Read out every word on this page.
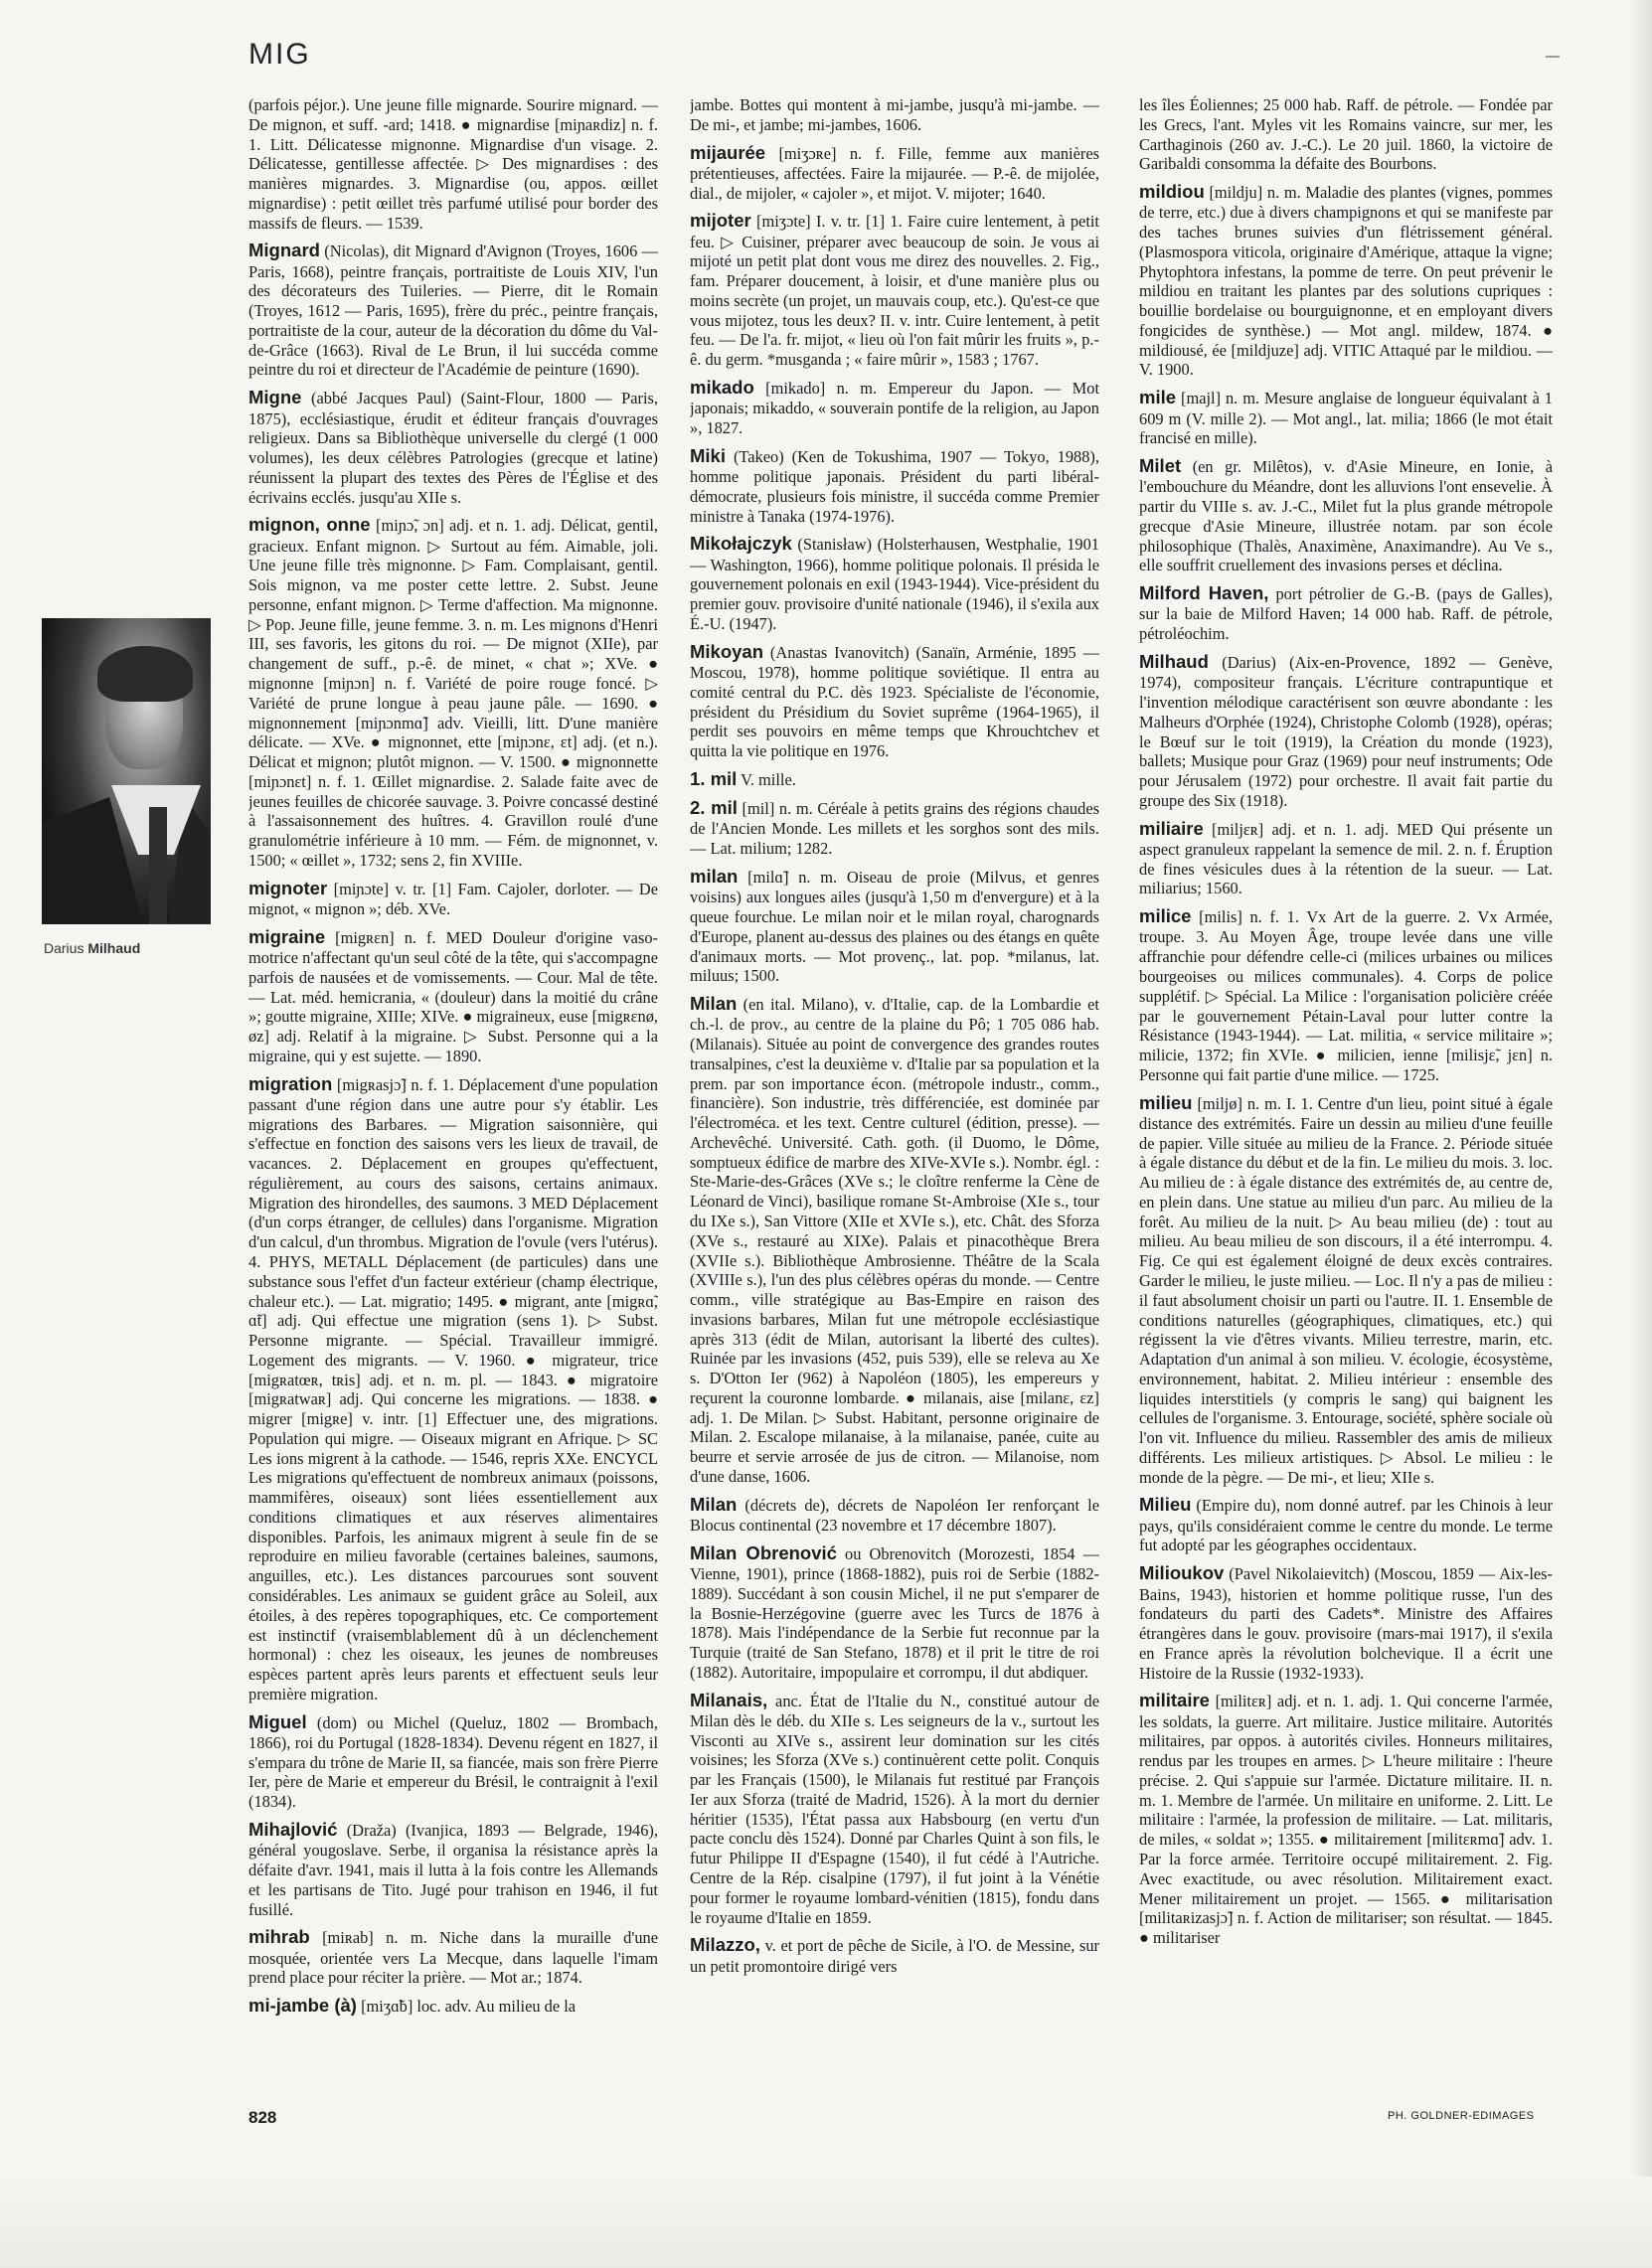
MIG

(parfois péjor.). Une jeune fille mignarde. Sourire mignard. — De mignon, et suff. -ard; 1418. ● mignardise [miɲaʀdiz] n. f. 1. Litt. Délicatesse mignonne. Mignardise d'un visage. 2. Délicatesse, gentillesse affectée. ▷ Des mignardises : des manières mignardes. 3. Mignardise (ou, appos. œillet mignardise) : petit œillet très parfumé utilisé pour border des massifs de fleurs. — 1539.

Mignard (Nicolas), dit Mignard d'Avignon (Troyes, 1606 — Paris, 1668), peintre français, portraitiste de Louis XIV, l'un des décorateurs des Tuileries. — Pierre, dit le Romain (Troyes, 1612 — Paris, 1695), frère du préc., peintre français, portraitiste de la cour, auteur de la décoration du dôme du Val-de-Grâce (1663). Rival de Le Brun, il lui succéda comme peintre du roi et directeur de l'Académie de peinture (1690).

Migne (abbé Jacques Paul) (Saint-Flour, 1800 — Paris, 1875), ecclésiastique, érudit et éditeur français d'ouvrages religieux. Dans sa Bibliothèque universelle du clergé (1 000 volumes), les deux célèbres Patrologies (grecque et latine) réunissent la plupart des textes des Pères de l'Église et des écrivains ecclés. jusqu'au XIIe s.

mignon, onne [miɲɔ̃, ɔn] adj. et n. 1. adj. Délicat, gentil, gracieux. Enfant mignon. ▷ Surtout au fém. Aimable, joli. Une jeune fille très mignonne. ▷ Fam. Complaisant, gentil. Sois mignon, va me poster cette lettre. 2. Subst. Jeune personne, enfant mignon. ▷ Terme d'affection. Ma mignonne. ▷ Pop. Jeune fille, jeune femme. 3. n. m. Les mignons d'Henri III, ses favoris, les gitons du roi. — De mignot (XIIe), par changement de suff., p.-ê. de minet, « chat »; XVe. ● mignonne [miɲɔn] n. f. Variété de poire rouge foncé. ▷ Variété de prune longue à peau jaune pâle. — 1690. ● mignonnement [miɲɔnmɑ̃] adv. Vieilli, litt. D'une manière délicate. — XVe. ● mignonnet, ette [miɲɔnɛ, ɛt] adj. (et n.). Délicat et mignon; plutôt mignon. — V. 1500. ● mignonnette [miɲɔnɛt] n. f. 1. Œillet mignardise. 2. Salade faite avec de jeunes feuilles de chicorée sauvage. 3. Poivre concassé destiné à l'assaisonnement des huîtres. 4. Gravillon roulé d'une granulométrie inférieure à 10 mm. — Fém. de mignonnet, v. 1500; « œillet », 1732; sens 2, fin XVIIIe.

mignoter [miɲɔte] v. tr. [1] Fam. Cajoler, dorloter. — De mignot, « mignon »; déb. XVe.

migraine [migʀɛn] n. f. MED Douleur d'origine vaso-motrice n'affectant qu'un seul côté de la tête, qui s'accompagne parfois de nausées et de vomissements. — Cour. Mal de tête. — Lat. méd. hemicrania, « (douleur) dans la moitié du crâne »; goutte migraine, XIIIe; XIVe. ● migraineux, euse [migʀɛnø, øz] adj. Relatif à la migraine. ▷ Subst. Personne qui a la migraine, qui y est sujette. — 1890.

migration [migʀasjɔ̃] n. f. 1. Déplacement d'une population passant d'une région dans une autre pour s'y établir. Les migrations des Barbares. — Migration saisonnière, qui s'effectue en fonction des saisons vers les lieux de travail, de vacances. 2. Déplacement en groupes qu'effectuent, régulièrement, au cours des saisons, certains animaux. Migration des hirondelles, des saumons. 3 MED Déplacement (d'un corps étranger, de cellules) dans l'organisme. Migration d'un calcul, d'un thrombus. Migration de l'ovule (vers l'utérus). 4. PHYS, METALL Déplacement (de particules) dans une substance sous l'effet d'un facteur extérieur (champ électrique, chaleur etc.). — Lat. migratio; 1495. ● migrant, ante [migʀɑ̃, ɑ̃t] adj. Qui effectue une migration (sens 1). ▷ Subst. Personne migrante. — Spécial. Travailleur immigré. Logement des migrants. — V. 1960. ● migrateur, trice [migʀatœʀ, tʀis] adj. et n. m. pl. — 1843. ● migratoire [migʀatwaʀ] adj. Qui concerne les migrations. — 1838. ● migrer [migʀe] v. intr. [1] Effectuer une, des migrations. Population qui migre. — Oiseaux migrant en Afrique. ▷ SC Les ions migrent à la cathode. — 1546, repris XXe. ENCYCL Les migrations qu'effectuent de nombreux animaux (poissons, mammifères, oiseaux) sont liées essentiellement aux conditions climatiques et aux réserves alimentaires disponibles. Parfois, les animaux migrent à seule fin de se reproduire en milieu favorable (certaines baleines, saumons, anguilles, etc.). Les distances parcourues sont souvent considérables. Les animaux se guident grâce au Soleil, aux étoiles, à des repères topographiques, etc. Ce comportement est instinctif (vraisemblablement dû à un déclenchement hormonal) : chez les oiseaux, les jeunes de nombreuses espèces partent après leurs parents et effectuent seuls leur première migration.

Miguel (dom) ou Michel (Queluz, 1802 — Brombach, 1866), roi du Portugal (1828-1834). Devenu régent en 1827, il s'empara du trône de Marie II, sa fiancée, mais son frère Pierre Ier, père de Marie et empereur du Brésil, le contraignit à l'exil (1834).

Mihajlović (Draža) (Ivanjica, 1893 — Belgrade, 1946), général yougoslave. Serbe, il organisa la résistance après la défaite d'avr. 1941, mais il lutta à la fois contre les Allemands et les partisans de Tito. Jugé pour trahison en 1946, il fut fusillé.

mihrab [miʀab] n. m. Niche dans la muraille d'une mosquée, orientée vers La Mecque, dans laquelle l'imam prend place pour réciter la prière. — Mot ar.; 1874.

mi-jambe (à) [miʒɑ̃b] loc. adv. Au milieu de la

jambe. Bottes qui montent à mi-jambe, jusqu'à mi-jambe. — De mi-, et jambe; mi-jambes, 1606.

mijaurée [miʒɔʀe] n. f. Fille, femme aux manières prétentieuses, affectées. Faire la mijaurée. — P.-ê. de mijolée, dial., de mijoler, « cajoler », et mijot. V. mijoter; 1640.

mijoter [miʒɔte] I. v. tr. [1] 1. Faire cuire lentement, à petit feu. ▷ Cuisiner, préparer avec beaucoup de soin. Je vous ai mijoté un petit plat dont vous me direz des nouvelles. 2. Fig., fam. Préparer doucement, à loisir, et d'une manière plus ou moins secrète (un projet, un mauvais coup, etc.). Qu'est-ce que vous mijotez, tous les deux? II. v. intr. Cuire lentement, à petit feu. — De l'a. fr. mijot, « lieu où l'on fait mûrir les fruits », p.-ê. du germ. *musganda ; « faire mûrir », 1583 ; 1767.

mikado [mikado] n. m. Empereur du Japon. — Mot japonais; mikaddo, « souverain pontife de la religion, au Japon », 1827.

Miki (Takeo) (Ken de Tokushima, 1907 — Tokyo, 1988), homme politique japonais. Président du parti libéral-démocrate, plusieurs fois ministre, il succéda comme Premier ministre à Tanaka (1974-1976).

Mikołajczyk (Stanisław) (Holsterhausen, Westphalie, 1901 — Washington, 1966), homme politique polonais. Il présida le gouvernement polonais en exil (1943-1944). Vice-président du premier gouv. provisoire d'unité nationale (1946), il s'exila aux É.-U. (1947).

Mikoyan (Anastas Ivanovitch) (Sanaïn, Arménie, 1895 — Moscou, 1978), homme politique soviétique. Il entra au comité central du P.C. dès 1923. Spécialiste de l'économie, président du Présidium du Soviet suprême (1964-1965), il perdit ses pouvoirs en même temps que Khrouchtchev et quitta la vie politique en 1976.

1. mil V. mille.

2. mil [mil] n. m. Céréale à petits grains des régions chaudes de l'Ancien Monde. Les millets et les sorghos sont des mils. — Lat. milium; 1282.

milan [milɑ̃] n. m. Oiseau de proie (Milvus, et genres voisins) aux longues ailes (jusqu'à 1,50 m d'envergure) et à la queue fourchue. Le milan noir et le milan royal, charognards d'Europe, planent au-dessus des plaines ou des étangs en quête d'animaux morts. — Mot provenç., lat. pop. *milanus, lat. miluus; 1500.

Milan (en ital. Milano), v. d'Italie, cap. de la Lombardie et ch.-l. de prov., au centre de la plaine du Pô; 1 705 086 hab. (Milanais). Située au point de convergence des grandes routes transalpines, c'est la deuxième v. d'Italie par sa population et la prem. par son importance écon. (métropole industr., comm., financière). Son industrie, très différenciée, est dominée par l'électroméca. et les text. Centre culturel (édition, presse). — Archevêché. Université. Cath. goth. (il Duomo, le Dôme, somptueux édifice de marbre des XIVe-XVIe s.). Nombr. égl. : Ste-Marie-des-Grâces (XVe s.; le cloître renferme la Cène de Léonard de Vinci), basilique romane St-Ambroise (XIe s., tour du IXe s.), San Vittore (XIIe et XVIe s.), etc. Chât. des Sforza (XVe s., restauré au XIXe). Palais et pinacothèque Brera (XVIIe s.). Bibliothèque Ambrosienne. Théâtre de la Scala (XVIIIe s.), l'un des plus célèbres opéras du monde. — Centre comm., ville stratégique au Bas-Empire en raison des invasions barbares, Milan fut une métropole ecclésiastique après 313 (édit de Milan, autorisant la liberté des cultes). Ruinée par les invasions (452, puis 539), elle se releva au Xe s. D'Otton Ier (962) à Napoléon (1805), les empereurs y reçurent la couronne lombarde. ● milanais, aise [milanɛ, ɛz] adj. 1. De Milan. ▷ Subst. Habitant, personne originaire de Milan. 2. Escalope milanaise, à la milanaise, panée, cuite au beurre et servie arrosée de jus de citron. — Milanoise, nom d'une danse, 1606.

Milan (décrets de), décrets de Napoléon Ier renforçant le Blocus continental (23 novembre et 17 décembre 1807).

Milan Obrenović ou Obrenovitch (Morozesti, 1854 — Vienne, 1901), prince (1868-1882), puis roi de Serbie (1882-1889). Succédant à son cousin Michel, il ne put s'emparer de la Bosnie-Herzégovine (guerre avec les Turcs de 1876 à 1878). Mais l'indépendance de la Serbie fut reconnue par la Turquie (traité de San Stefano, 1878) et il prit le titre de roi (1882). Autoritaire, impopulaire et corrompu, il dut abdiquer.

Milanais, anc. État de l'Italie du N., constitué autour de Milan dès le déb. du XIIe s. Les seigneurs de la v., surtout les Visconti au XIVe s., assirent leur domination sur les cités voisines; les Sforza (XVe s.) continuèrent cette polit. Conquis par les Français (1500), le Milanais fut restitué par François Ier aux Sforza (traité de Madrid, 1526). À la mort du dernier héritier (1535), l'État passa aux Habsbourg (en vertu d'un pacte conclu dès 1524). Donné par Charles Quint à son fils, le futur Philippe II d'Espagne (1540), il fut cédé à l'Autriche. Centre de la Rép. cisalpine (1797), il fut joint à la Vénétie pour former le royaume lombard-vénitien (1815), fondu dans le royaume d'Italie en 1859.

Milazzo, v. et port de pêche de Sicile, à l'O. de Messine, sur un petit promontoire dirigé vers

les îles Éoliennes; 25 000 hab. Raff. de pétrole. — Fondée par les Grecs, l'ant. Myles vit les Romains vaincre, sur mer, les Carthaginois (260 av. J.-C.). Le 20 juil. 1860, la victoire de Garibaldi consomma la défaite des Bourbons.

mildiou [mildju] n. m. Maladie des plantes (vignes, pommes de terre, etc.) due à divers champignons et qui se manifeste par des taches brunes suivies d'un flétrissement général. (Plasmospora viticola, originaire d'Amérique, attaque la vigne; Phytophtora infestans, la pomme de terre. On peut prévenir le mildiou en traitant les plantes par des solutions cupriques : bouillie bordelaise ou bourguignonne, et en employant divers fongicides de synthèse.) — Mot angl. mildew, 1874. ● mildiousé, ée [mildjuze] adj. VITIC Attaqué par le mildiou. — V. 1900.

mile [majl] n. m. Mesure anglaise de longueur équivalant à 1 609 m (V. mille 2). — Mot angl., lat. milia; 1866 (le mot était francisé en mille).

Milet (en gr. Milêtos), v. d'Asie Mineure, en Ionie, à l'embouchure du Méandre, dont les alluvions l'ont ensevelie. À partir du VIIIe s. av. J.-C., Milet fut la plus grande métropole grecque d'Asie Mineure, illustrée notam. par son école philosophique (Thalès, Anaximène, Anaximandre). Au Ve s., elle souffrit cruellement des invasions perses et déclina.

Milford Haven, port pétrolier de G.-B. (pays de Galles), sur la baie de Milford Haven; 14 000 hab. Raff. de pétrole, pétroléochim.

Milhaud (Darius) (Aix-en-Provence, 1892 — Genève, 1974), compositeur français. L'écriture contrapuntique et l'invention mélodique caractérisent son œuvre abondante : les Malheurs d'Orphée (1924), Christophe Colomb (1928), opéras; le Bœuf sur le toit (1919), la Création du monde (1923), ballets; Musique pour Graz (1969) pour neuf instruments; Ode pour Jérusalem (1972) pour orchestre. Il avait fait partie du groupe des Six (1918).

miliaire [miljɛʀ] adj. et n. 1. adj. MED Qui présente un aspect granuleux rappelant la semence de mil. 2. n. f. Éruption de fines vésicules dues à la rétention de la sueur. — Lat. miliarius; 1560.

milice [milis] n. f. 1. Vx Art de la guerre. 2. Vx Armée, troupe. 3. Au Moyen Âge, troupe levée dans une ville affranchie pour défendre celle-ci (milices urbaines ou milices bourgeoises ou milices communales). 4. Corps de police supplétif. ▷ Spécial. La Milice : l'organisation policière créée par le gouvernement Pétain-Laval pour lutter contre la Résistance (1943-1944). — Lat. militia, « service militaire »; milicie, 1372; fin XVIe. ● milicien, ienne [milisjɛ̃, jɛn] n. Personne qui fait partie d'une milice. — 1725.

milieu [miljø] n. m. I. 1. Centre d'un lieu, point situé à égale distance des extrémités. Faire un dessin au milieu d'une feuille de papier. Ville située au milieu de la France. 2. Période située à égale distance du début et de la fin. Le milieu du mois. 3. loc. Au milieu de : à égale distance des extrémités de, au centre de, en plein dans. Une statue au milieu d'un parc. Au milieu de la forêt. Au milieu de la nuit. ▷ Au beau milieu (de) : tout au milieu. Au beau milieu de son discours, il a été interrompu. 4. Fig. Ce qui est également éloigné de deux excès contraires. Garder le milieu, le juste milieu. — Loc. Il n'y a pas de milieu : il faut absolument choisir un parti ou l'autre. II. 1. Ensemble de conditions naturelles (géographiques, climatiques, etc.) qui régissent la vie d'êtres vivants. Milieu terrestre, marin, etc. Adaptation d'un animal à son milieu. V. écologie, écosystème, environnement, habitat. 2. Milieu intérieur : ensemble des liquides interstitiels (y compris le sang) qui baignent les cellules de l'organisme. 3. Entourage, société, sphère sociale où l'on vit. Influence du milieu. Rassembler des amis de milieux différents. Les milieux artistiques. ▷ Absol. Le milieu : le monde de la pègre. — De mi-, et lieu; XIIe s.

Milieu (Empire du), nom donné autref. par les Chinois à leur pays, qu'ils considéraient comme le centre du monde. Le terme fut adopté par les géographes occidentaux.

Milioukov (Pavel Nikolaievitch) (Moscou, 1859 — Aix-les-Bains, 1943), historien et homme politique russe, l'un des fondateurs du parti des Cadets*. Ministre des Affaires étrangères dans le gouv. provisoire (mars-mai 1917), il s'exila en France après la révolution bolchevique. Il a écrit une Histoire de la Russie (1932-1933).

militaire [militɛʀ] adj. et n. 1. adj. 1. Qui concerne l'armée, les soldats, la guerre. Art militaire. Justice militaire. Autorités militaires, par oppos. à autorités civiles. Honneurs militaires, rendus par les troupes en armes. ▷ L'heure militaire : l'heure précise. 2. Qui s'appuie sur l'armée. Dictature militaire. II. n. m. 1. Membre de l'armée. Un militaire en uniforme. 2. Litt. Le militaire : l'armée, la profession de militaire. — Lat. militaris, de miles, « soldat »; 1355. ● militairement [militɛʀmɑ̃] adv. 1. Par la force armée. Territoire occupé militairement. 2. Fig. Avec exactitude, ou avec résolution. Militairement exact. Mener militairement un projet. — 1565. ● militarisation [militaʀizasjɔ̃] n. f. Action de militariser; son résultat. — 1845. ● militariser

Darius Milhaud
828	PH. GOLDNER-EDIMAGES
